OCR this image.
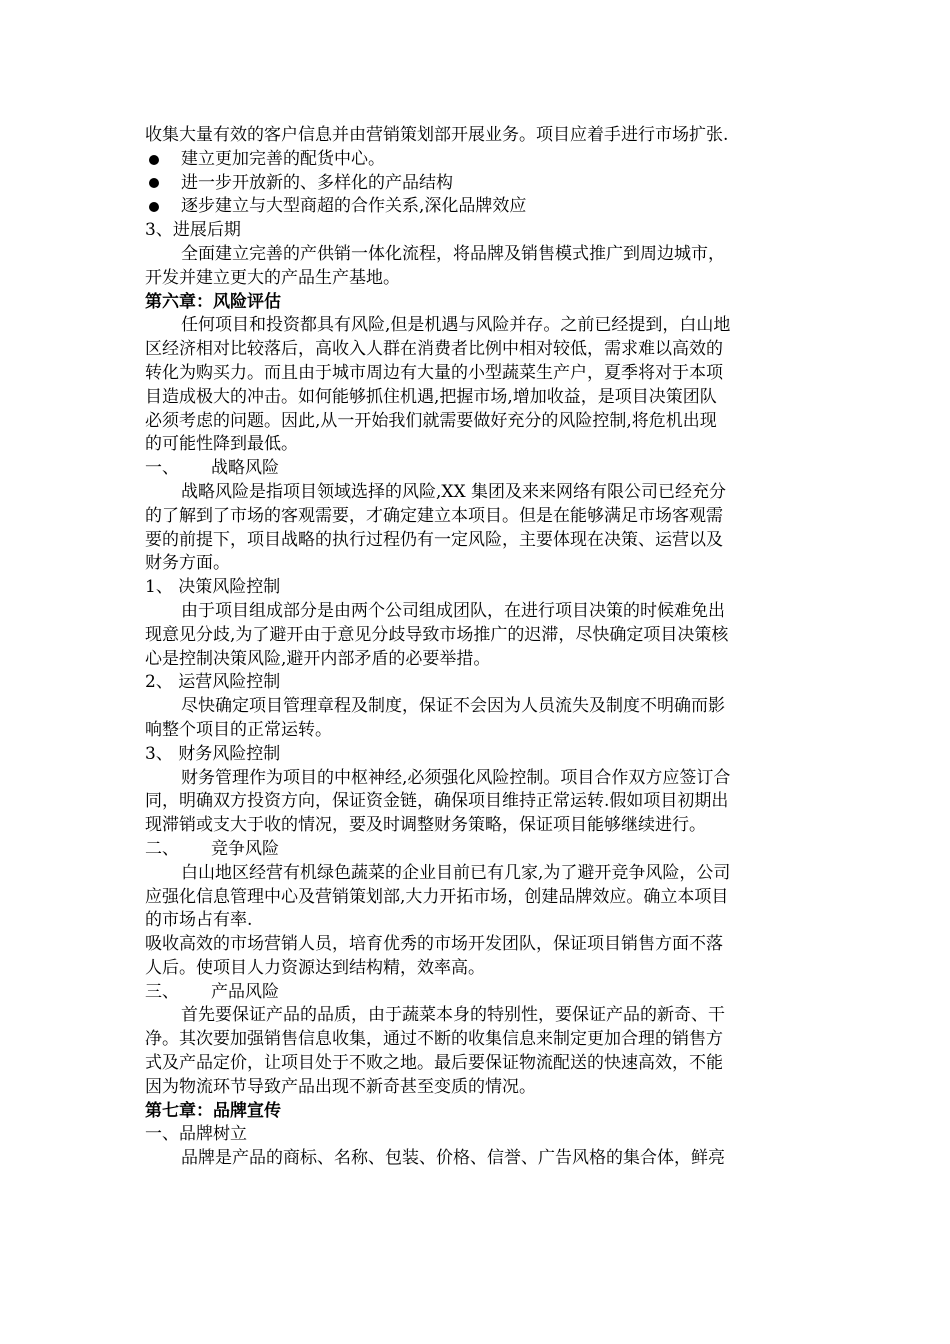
收集大量有效的客户信息并由营销策划部开展业务。项目应着手进行市场扩张.
建立更加完善的配货中心。
进一步开放新的、多样化的产品结构
逐步建立与大型商超的合作关系,深化品牌效应
3、进展后期
全面建立完善的产供销一体化流程，将品牌及销售模式推广到周边城市，
开发并建立更大的产品生产基地。
第六章：风险评估
任何项目和投资都具有风险,但是机遇与风险并存。之前已经提到，白山地
区经济相对比较落后，高收入人群在消费者比例中相对较低，需求难以高效的
转化为购买力。而且由于城市周边有大量的小型蔬菜生产户，夏季将对于本项
目造成极大的冲击。如何能够抓住机遇,把握市场,增加收益，是项目决策团队
必须考虑的问题。因此,从一开始我们就需要做好充分的风险控制,将危机出现
的可能性降到最低。
一、	战略风险
战略风险是指项目领域选择的风险,XX 集团及来来网络有限公司已经充分
的了解到了市场的客观需要，才确定建立本项目。但是在能够满足市场客观需
要的前提下，项目战略的执行过程仍有一定风险，主要体现在决策、运营以及
财务方面。
1、 决策风险控制
由于项目组成部分是由两个公司组成团队，在进行项目决策的时候难免出
现意见分歧,为了避开由于意见分歧导致市场推广的迟滞，尽快确定项目决策核
心是控制决策风险,避开内部矛盾的必要举措。
2、 运营风险控制
尽快确定项目管理章程及制度，保证不会因为人员流失及制度不明确而影
响整个项目的正常运转。
3、 财务风险控制
财务管理作为项目的中枢神经,必须强化风险控制。项目合作双方应签订合
同，明确双方投资方向，保证资金链，确保项目维持正常运转.假如项目初期出
现滞销或支大于收的情况，要及时调整财务策略，保证项目能够继续进行。
二、	竞争风险
白山地区经营有机绿色蔬菜的企业目前已有几家,为了避开竞争风险，公司
应强化信息管理中心及营销策划部,大力开拓市场，创建品牌效应。确立本项目
的市场占有率.
吸收高效的市场营销人员，培育优秀的市场开发团队，保证项目销售方面不落
人后。使项目人力资源达到结构精，效率高。
三、	产品风险
首先要保证产品的品质，由于蔬菜本身的特别性，要保证产品的新奇、干
净。其次要加强销售信息收集，通过不断的收集信息来制定更加合理的销售方
式及产品定价，让项目处于不败之地。最后要保证物流配送的快速高效，不能
因为物流环节导致产品出现不新奇甚至变质的情况。
第七章：品牌宣传
一、品牌树立
品牌是产品的商标、名称、包装、价格、信誉、广告风格的集合体，鲜亮
